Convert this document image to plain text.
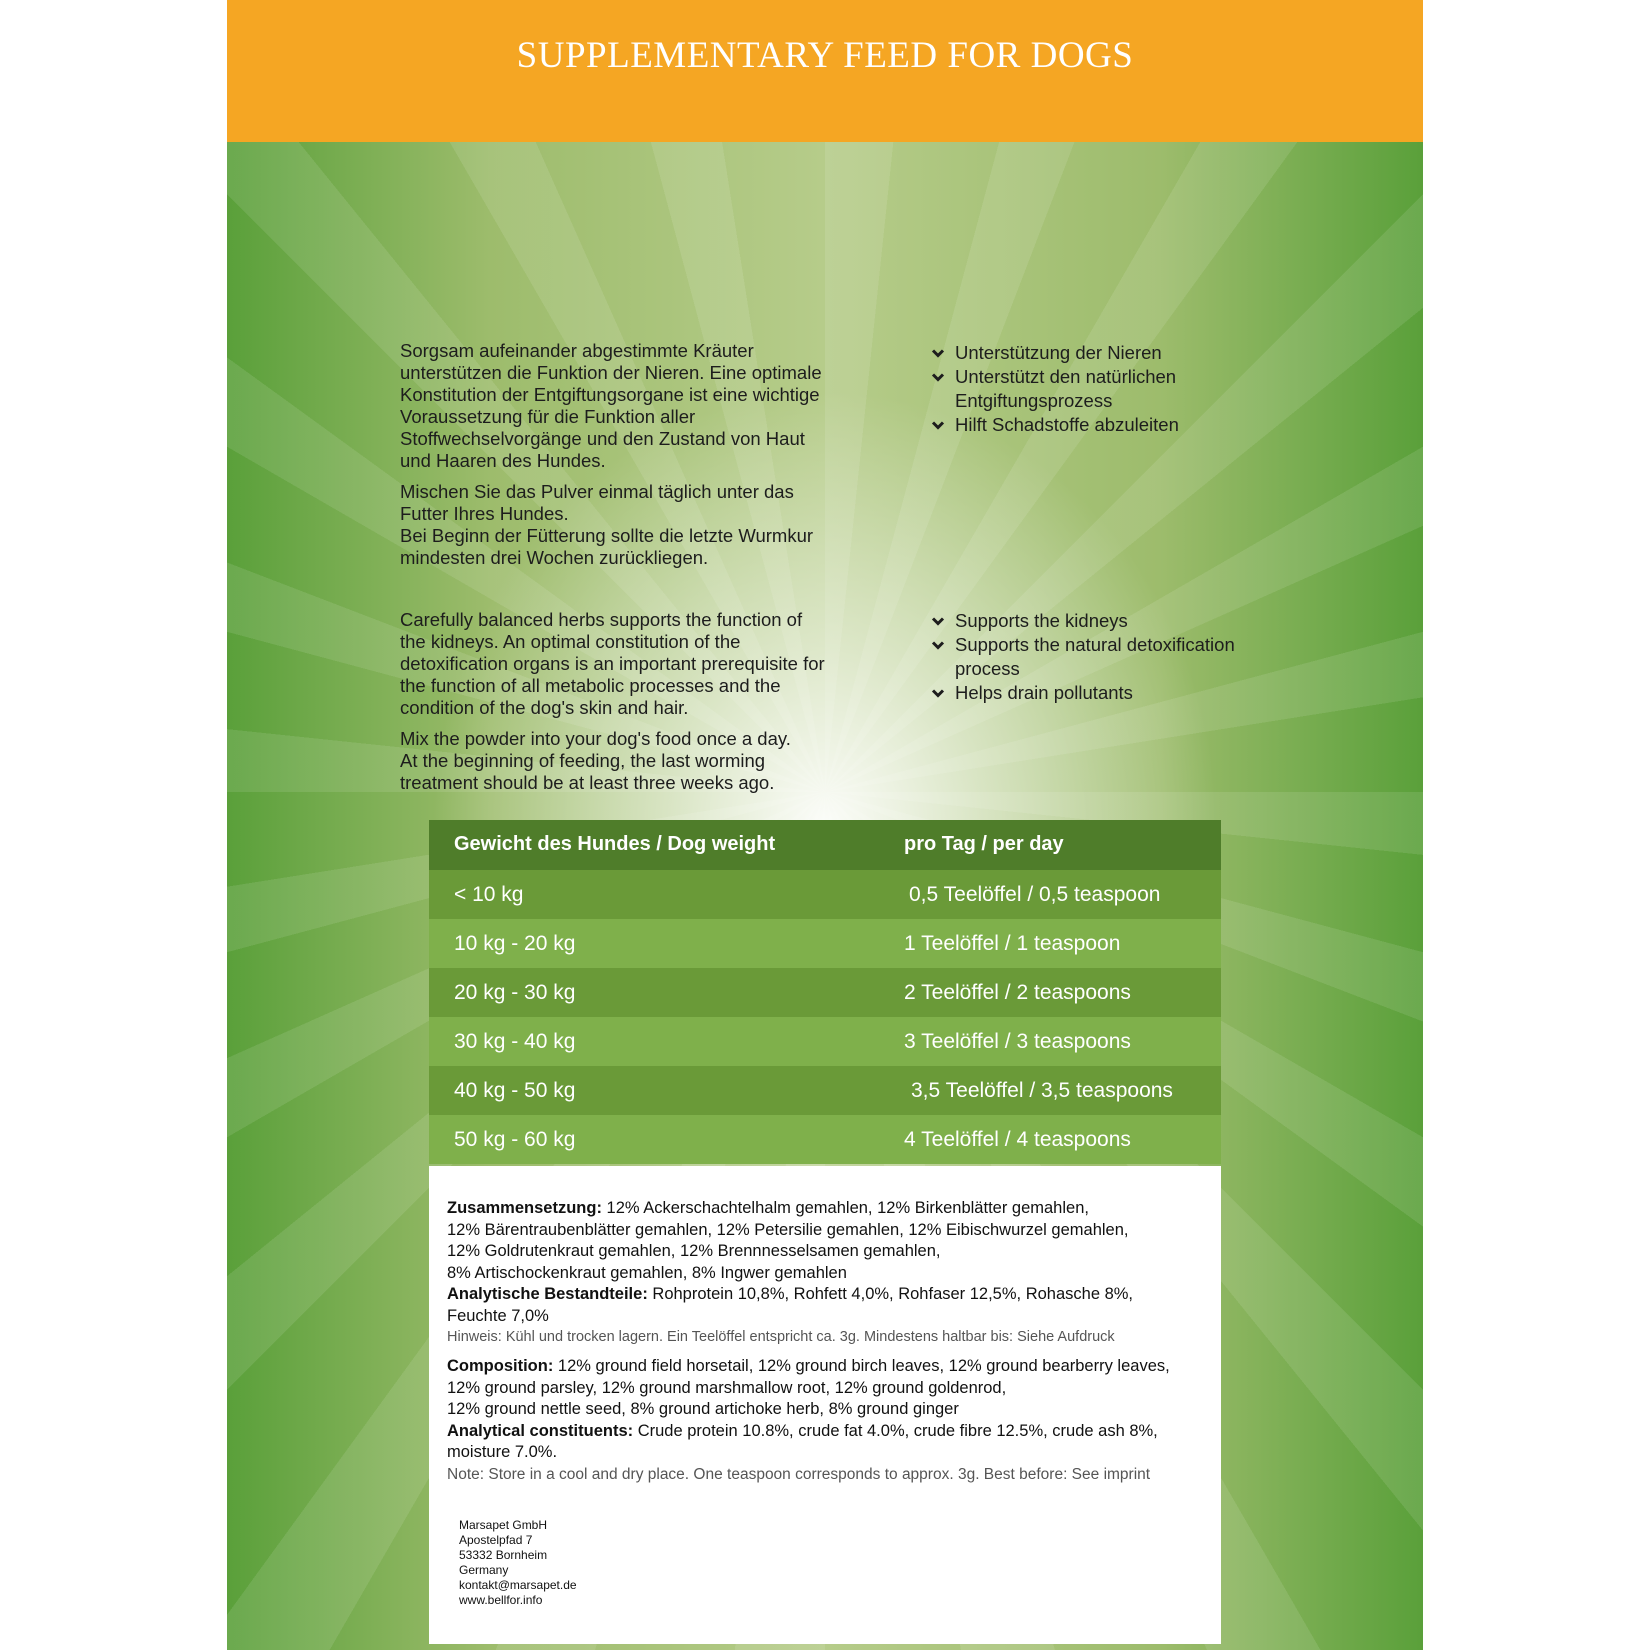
SUPPLEMENTARY FEED FOR DOGS

Sorgsam aufeinander abgestimmte Kräuter
unterstützen die Funktion der Nieren. Eine optimale
Konstitution der Entgiftungsorgane ist eine wichtige
Voraussetzung für die Funktion aller
Stoffwechselvorgänge und den Zustand von Haut
und Haaren des Hundes.

Mischen Sie das Pulver einmal täglich unter das
Futter Ihres Hundes.
Bei Beginn der Fütterung sollte die letzte Wurmkur
mindesten drei Wochen zurückliegen.

Unterstützung der Nieren
Unterstützt den natürlichen
Entgiftungsprozess
Hilft Schadstoffe abzuleiten

Carefully balanced herbs supports the function of
the kidneys. An optimal constitution of the
detoxification organs is an important prerequisite for
the function of all metabolic processes and the
condition of the dog's skin and hair.

Mix the powder into your dog's food once a day.
At the beginning of feeding, the last worming
treatment should be at least three weeks ago.

Supports the kidneys
Supports the natural detoxification
process
Helps drain pollutants
Gewicht des Hundes / Dog weight	pro Tag / per day
< 10 kg	0,5 Teelöffel / 0,5 teaspoon
10 kg - 20 kg	1 Teelöffel / 1 teaspoon
20 kg - 30 kg	2 Teelöffel / 2 teaspoons
30 kg - 40 kg	3 Teelöffel / 3 teaspoons
40 kg - 50 kg	3,5 Teelöffel / 3,5 teaspoons
50 kg - 60 kg	4 Teelöffel / 4 teaspoons
Zusammensetzung: 12% Ackerschachtelhalm gemahlen, 12% Birkenblätter gemahlen,
12% Bärentraubenblätter gemahlen, 12% Petersilie gemahlen, 12% Eibischwurzel gemahlen,
12% Goldrutenkraut gemahlen, 12% Brennnesselsamen gemahlen,
8% Artischockenkraut gemahlen, 8% Ingwer gemahlen
Analytische Bestandteile: Rohprotein 10,8%, Rohfett 4,0%, Rohfaser 12,5%, Rohasche 8%,
Feuchte 7,0%
Hinweis: Kühl und trocken lagern. Ein Teelöffel entspricht ca. 3g. Mindestens haltbar bis: Siehe Aufdruck
Composition: 12% ground field horsetail, 12% ground birch leaves, 12% ground bearberry leaves,
12% ground parsley, 12% ground marshmallow root, 12% ground goldenrod,
12% ground nettle seed, 8% ground artichoke herb, 8% ground ginger
Analytical constituents: Crude protein 10.8%, crude fat 4.0%, crude fibre 12.5%, crude ash 8%,
moisture 7.0%.
Note: Store in a cool and dry place. One teaspoon corresponds to approx. 3g. Best before: See imprint
Marsapet GmbH
Apostelpfad 7
53332 Bornheim
Germany
kontakt@marsapet.de
www.bellfor.info
